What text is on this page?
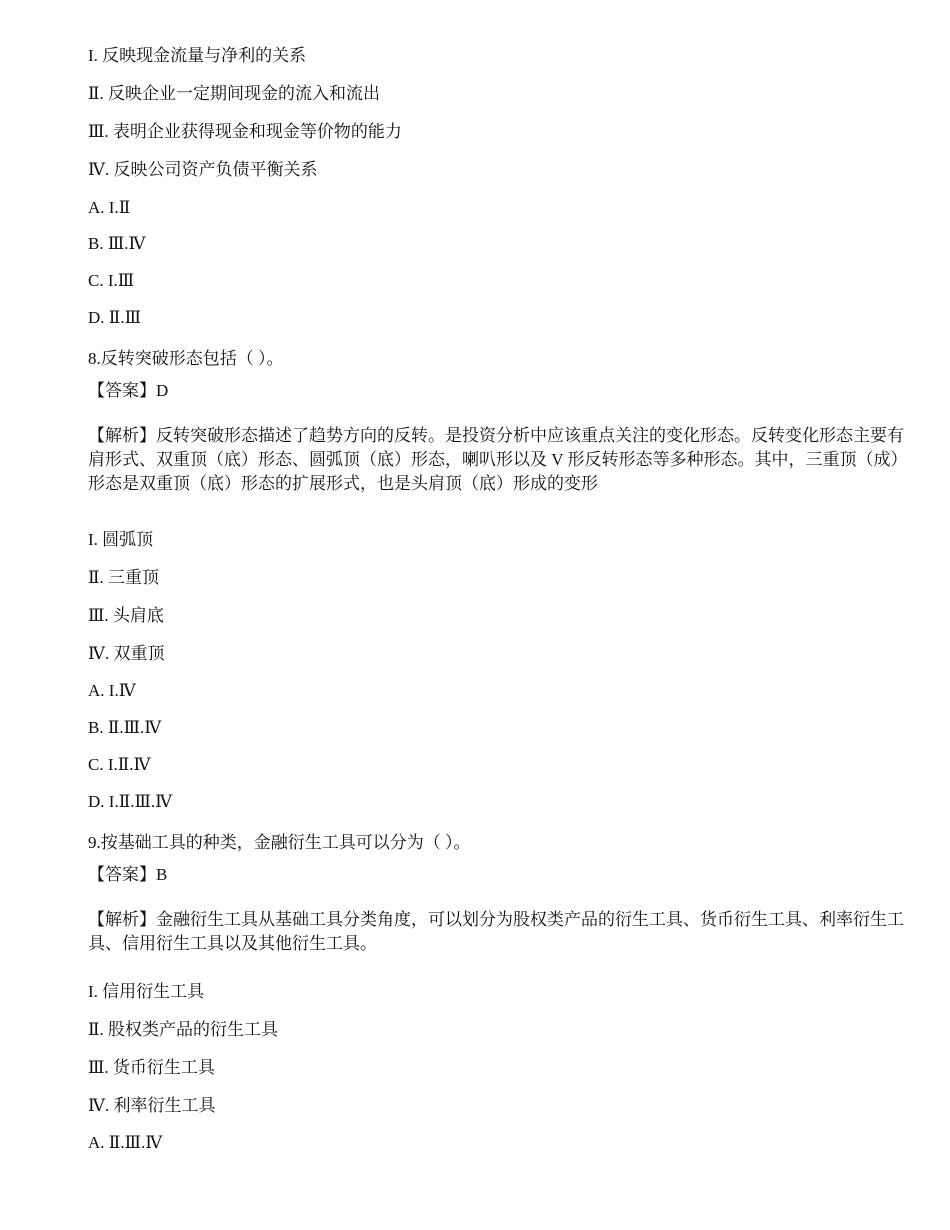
I. 反映现金流量与净利的关系
Ⅱ. 反映企业一定期间现金的流入和流出
Ⅲ. 表明企业获得现金和现金等价物的能力
Ⅳ. 反映公司资产负债平衡关系
A. I.Ⅱ
B. Ⅲ.Ⅳ
C. I.Ⅲ
D. Ⅱ.Ⅲ
8.反转突破形态包括（ ）。
【答案】D
【解析】反转突破形态描述了趋势方向的反转。是投资分析中应该重点关注的变化形态。反转变化形态主要有肩形式、双重顶（底）形态、圆弧顶（底）形态，喇叭形以及 V 形反转形态等多种形态。其中，三重顶（成）形态是双重顶（底）形态的扩展形式，也是头肩顶（底）形成的变形
I. 圆弧顶
Ⅱ. 三重顶
Ⅲ. 头肩底
Ⅳ. 双重顶
A. I.Ⅳ
B. Ⅱ.Ⅲ.Ⅳ
C. I.Ⅱ.Ⅳ
D. I.Ⅱ.Ⅲ.Ⅳ
9.按基础工具的种类，金融衍生工具可以分为（ ）。
【答案】B
【解析】金融衍生工具从基础工具分类角度，可以划分为股权类产品的衍生工具、货币衍生工具、利率衍生工具、信用衍生工具以及其他衍生工具。
I. 信用衍生工具
Ⅱ. 股权类产品的衍生工具
Ⅲ. 货币衍生工具
Ⅳ. 利率衍生工具
A. Ⅱ.Ⅲ.Ⅳ
